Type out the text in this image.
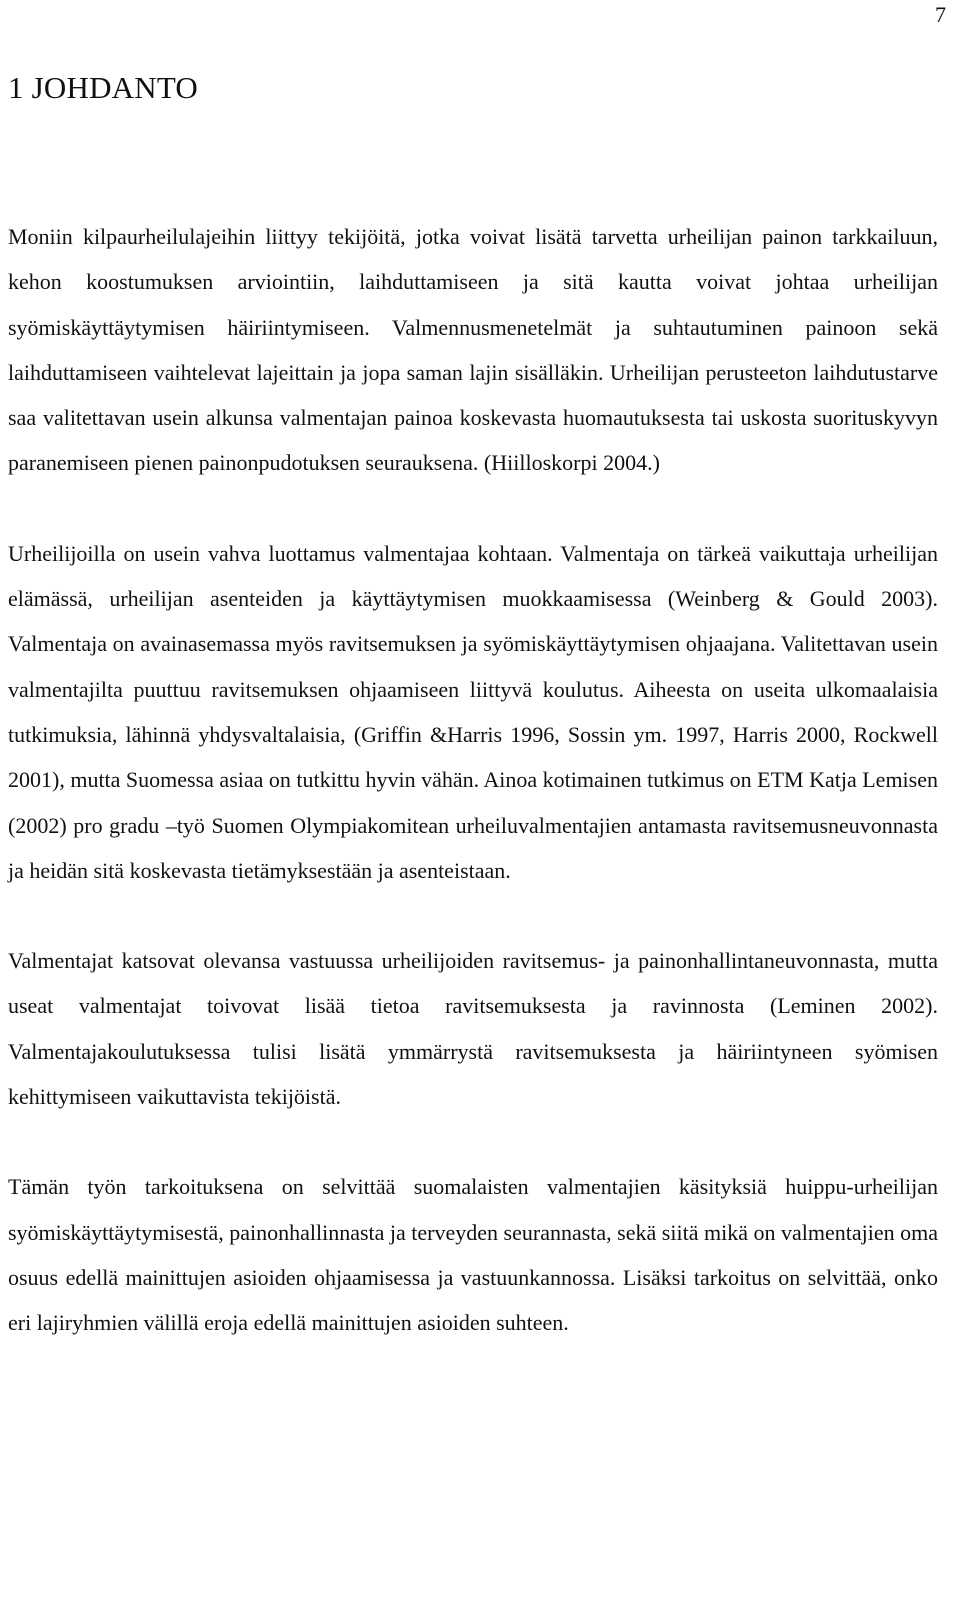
7
1 JOHDANTO

Moniin kilpaurheilulajeihin liittyy tekijöitä, jotka voivat lisätä tarvetta urheilijan painon tarkkailuun, kehon koostumuksen arviointiin, laihduttamiseen ja sitä kautta voivat johtaa urheilijan syömiskäyttäytymisen häiriintymiseen. Valmennusmenetelmät ja suhtautuminen painoon sekä laihduttamiseen vaihtelevat lajeittain ja jopa saman lajin sisälläkin. Urheilijan perusteeton laihdutustarve saa valitettavan usein alkunsa valmentajan painoa koskevasta huomautuksesta tai uskosta suorituskyvyn paranemiseen pienen painonpudotuksen seurauksena. (Hiilloskorpi 2004.)

Urheilijoilla on usein vahva luottamus valmentajaa kohtaan. Valmentaja on tärkeä vaikuttaja urheilijan elämässä, urheilijan asenteiden ja käyttäytymisen muokkaamisessa (Weinberg & Gould 2003). Valmentaja on avainasemassa myös ravitsemuksen ja syömiskäyttäytymisen ohjaajana. Valitettavan usein valmentajilta puuttuu ravitsemuksen ohjaamiseen liittyvä koulutus. Aiheesta on useita ulkomaalaisia tutkimuksia, lähinnä yhdysvaltalaisia, (Griffin &Harris 1996, Sossin ym. 1997, Harris 2000, Rockwell 2001), mutta Suomessa asiaa on tutkittu hyvin vähän. Ainoa kotimainen tutkimus on ETM Katja Lemisen (2002) pro gradu –työ Suomen Olympiakomitean urheiluvalmentajien antamasta ravitsemusneuvonnasta ja heidän sitä koskevasta tietämyksestään ja asenteistaan.

Valmentajat katsovat olevansa vastuussa urheilijoiden ravitsemus- ja painonhallintaneuvonnasta, mutta useat valmentajat toivovat lisää tietoa ravitsemuksesta ja ravinnosta (Leminen 2002). Valmentajakoulutuksessa tulisi lisätä ymmärrystä ravitsemuksesta ja häiriintyneen syömisen kehittymiseen vaikuttavista tekijöistä.

Tämän työn tarkoituksena on selvittää suomalaisten valmentajien käsityksiä huippu-urheilijan syömiskäyttäytymisestä, painonhallinnasta ja terveyden seurannasta, sekä siitä mikä on valmentajien oma osuus edellä mainittujen asioiden ohjaamisessa ja vastuunkannossa. Lisäksi tarkoitus on selvittää, onko eri lajiryhmien välillä eroja edellä mainittujen asioiden suhteen.
